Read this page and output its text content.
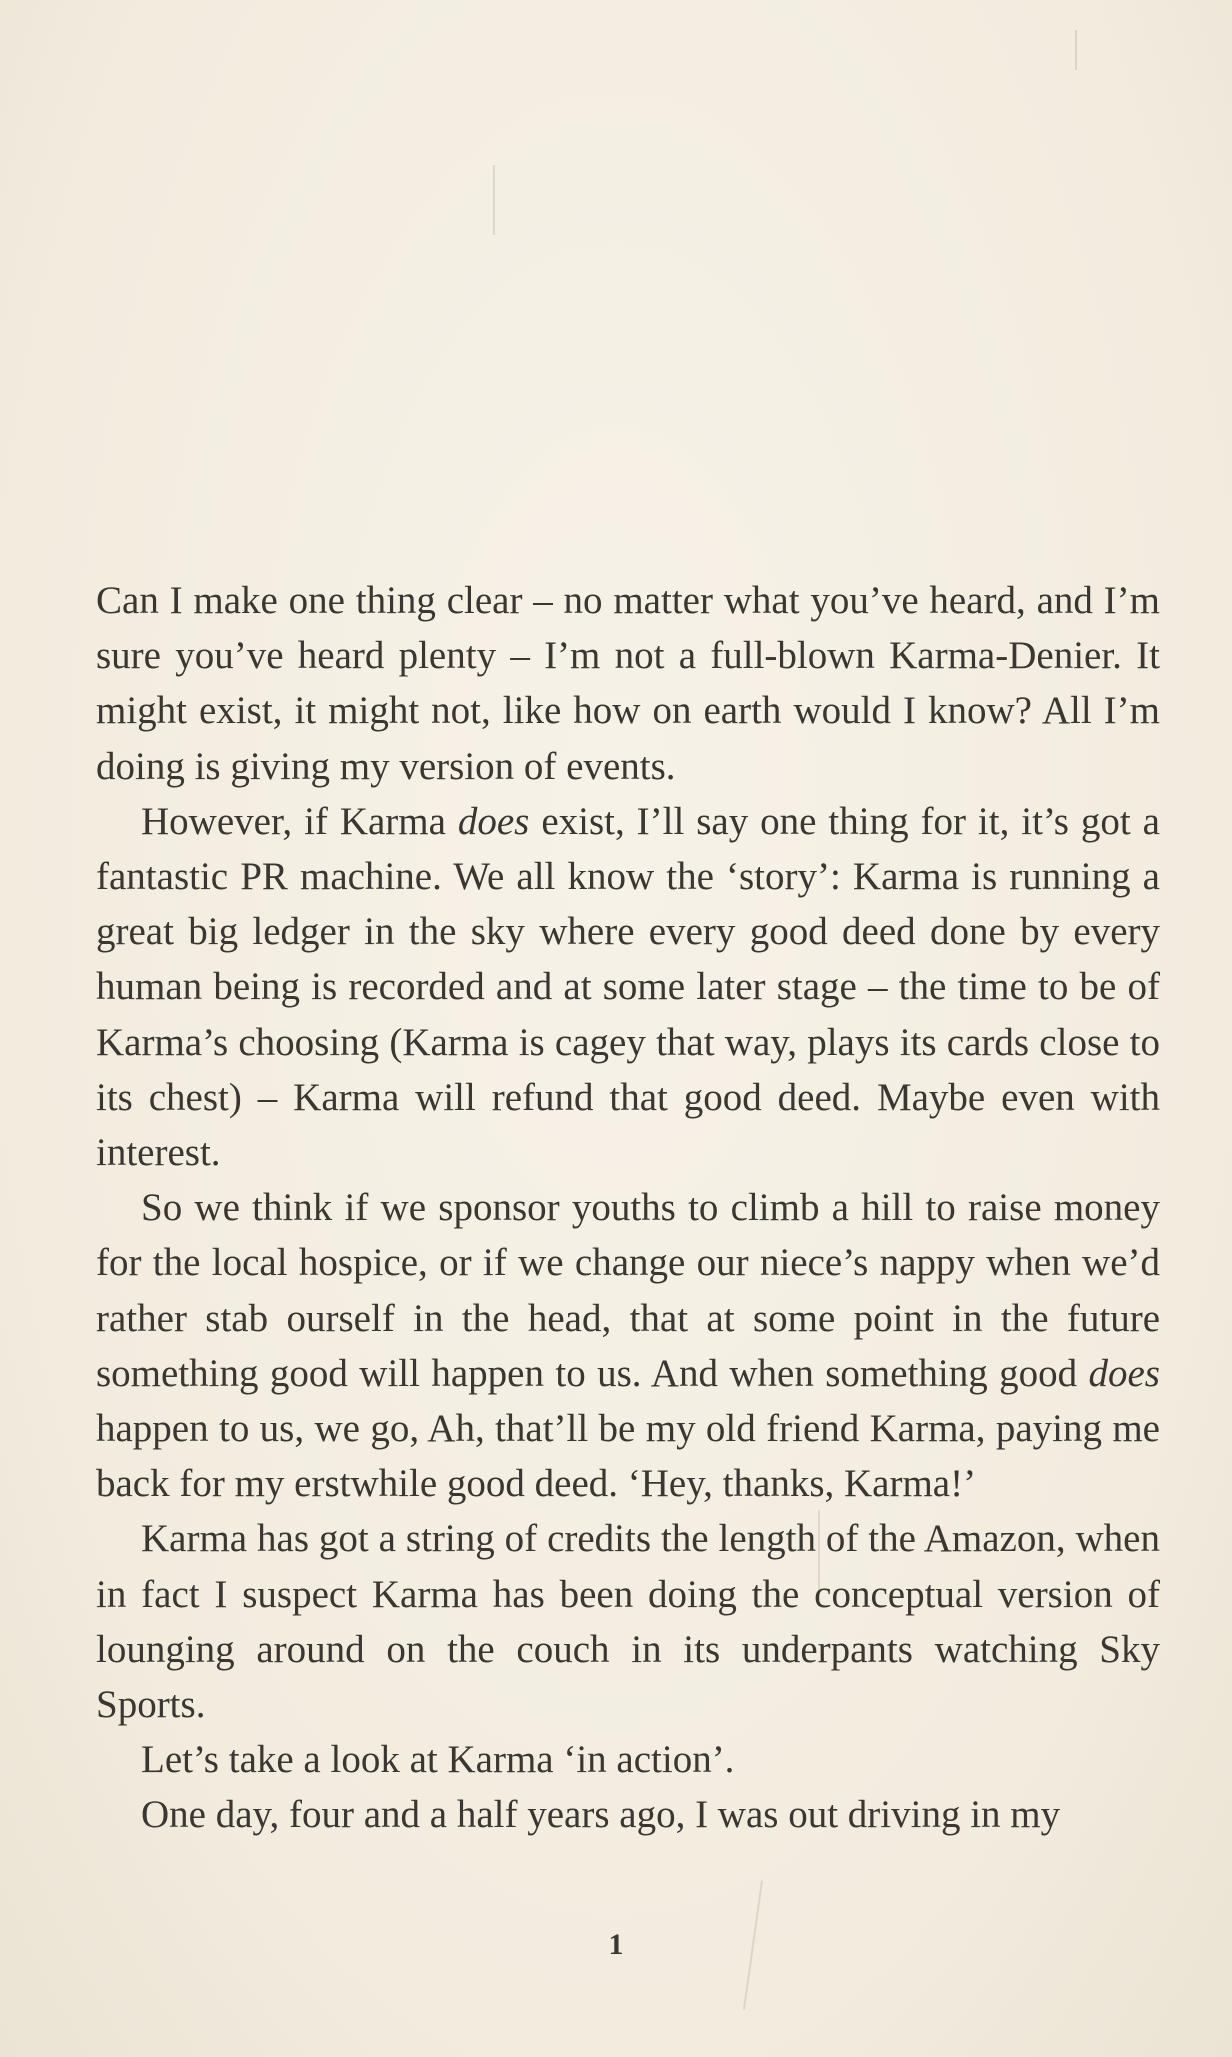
Can I make one thing clear – no matter what you’ve heard, and I’m sure you’ve heard plenty – I’m not a full-blown Karma-Denier. It might exist, it might not, like how on earth would I know? All I’m doing is giving my version of events.

However, if Karma does exist, I’ll say one thing for it, it’s got a fantastic PR machine. We all know the ‘story’: Karma is running a great big ledger in the sky where every good deed done by every human being is recorded and at some later stage – the time to be of Karma’s choosing (Karma is cagey that way, plays its cards close to its chest) – Karma will refund that good deed. Maybe even with interest.

So we think if we sponsor youths to climb a hill to raise money for the local hospice, or if we change our niece’s nappy when we’d rather stab ourself in the head, that at some point in the future something good will happen to us. And when something good does happen to us, we go, Ah, that’ll be my old friend Karma, paying me back for my erstwhile good deed. ‘Hey, thanks, Karma!’

Karma has got a string of credits the length of the Amazon, when in fact I suspect Karma has been doing the conceptual version of lounging around on the couch in its underpants watching Sky Sports.

Let’s take a look at Karma ‘in action’.

One day, four and a half years ago, I was out driving in my

1
